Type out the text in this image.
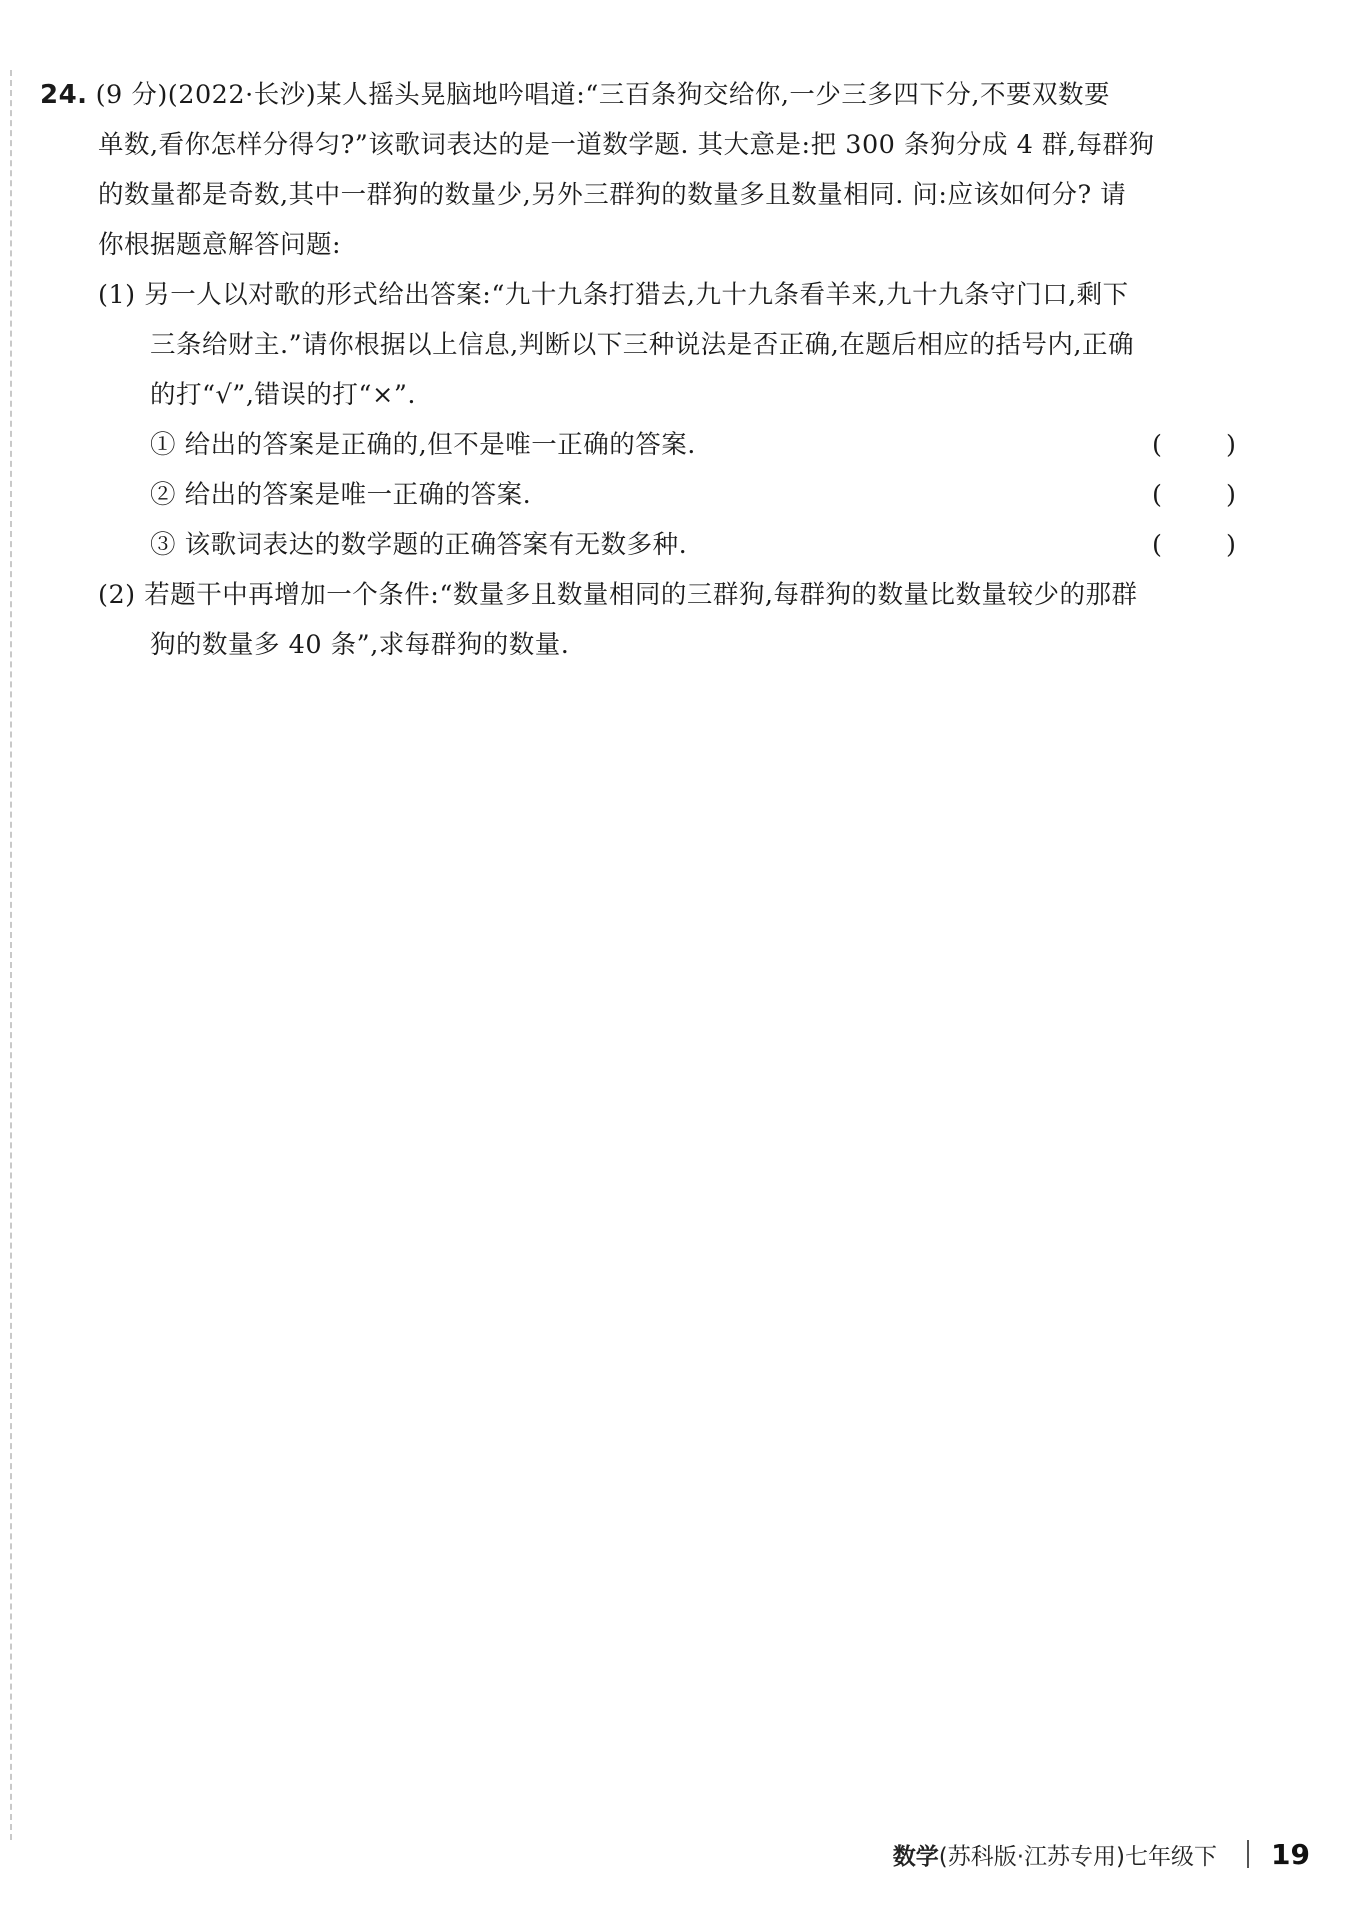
24. (9 分)(2022·长沙)某人摇头晃脑地吟唱道:“三百条狗交给你,一少三多四下分,不要双数要
单数,看你怎样分得匀?”该歌词表达的是一道数学题. 其大意是:把 300 条狗分成 4 群,每群狗
的数量都是奇数,其中一群狗的数量少,另外三群狗的数量多且数量相同. 问:应该如何分? 请
你根据题意解答问题:
(1) 另一人以对歌的形式给出答案:“九十九条打猎去,九十九条看羊来,九十九条守门口,剩下
三条给财主.”请你根据以上信息,判断以下三种说法是否正确,在题后相应的括号内,正确
的打“√”,错误的打“×”.
① 给出的答案是正确的,但不是唯一正确的答案.	( )
② 给出的答案是唯一正确的答案.	( )
③ 该歌词表达的数学题的正确答案有无数多种.	( )
(2) 若题干中再增加一个条件:“数量多且数量相同的三群狗,每群狗的数量比数量较少的那群
狗的数量多 40 条”,求每群狗的数量.
数学(苏科版·江苏专用)七年级下 19
